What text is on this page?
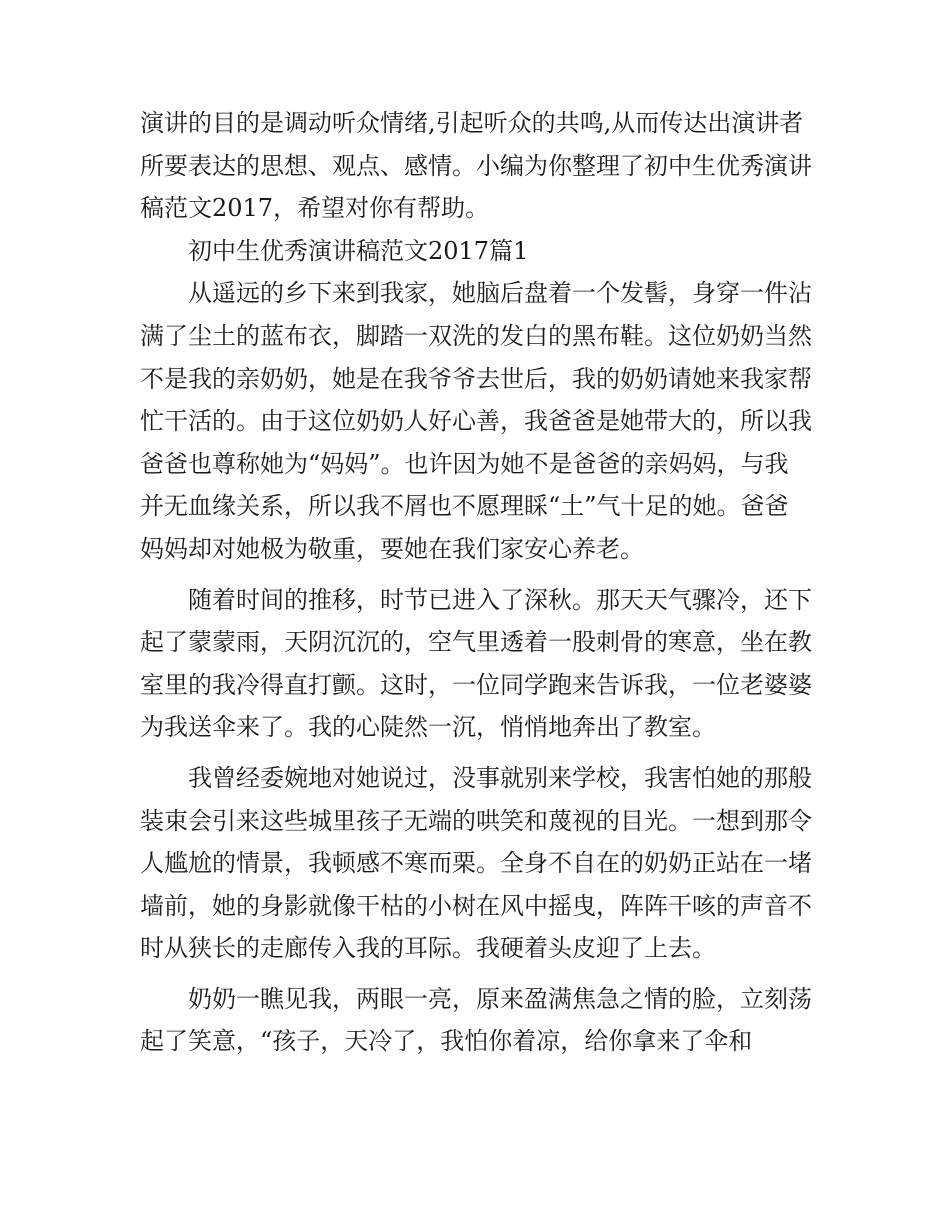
演讲的目的是调动听众情绪,引起听众的共鸣,从而传达出演讲者所要表达的思想、观点、感情。小编为你整理了初中生优秀演讲稿范文2017，希望对你有帮助。

初中生优秀演讲稿范文2017篇1

从遥远的乡下来到我家，她脑后盘着一个发髻，身穿一件沾满了尘土的蓝布衣，脚踏一双洗的发白的黑布鞋。这位奶奶当然不是我的亲奶奶，她是在我爷爷去世后，我的奶奶请她来我家帮忙干活的。由于这位奶奶人好心善，我爸爸是她带大的，所以我爸爸也尊称她为“妈妈”。也许因为她不是爸爸的亲妈妈，与我并无血缘关系，所以我不屑也不愿理睬“土”气十足的她。爸爸妈妈却对她极为敬重，要她在我们家安心养老。

随着时间的推移，时节已进入了深秋。那天天气骤冷，还下起了蒙蒙雨，天阴沉沉的，空气里透着一股刺骨的寒意，坐在教室里的我冷得直打颤。这时，一位同学跑来告诉我，一位老婆婆为我送伞来了。我的心陡然一沉，悄悄地奔出了教室。

我曾经委婉地对她说过，没事就别来学校，我害怕她的那般装束会引来这些城里孩子无端的哄笑和蔑视的目光。一想到那令人尴尬的情景，我顿感不寒而栗。全身不自在的奶奶正站在一堵墙前，她的身影就像干枯的小树在风中摇曳，阵阵干咳的声音不时从狭长的走廊传入我的耳际。我硬着头皮迎了上去。

奶奶一瞧见我，两眼一亮，原来盈满焦急之情的脸，立刻荡起了笑意，“孩子，天冷了，我怕你着凉，给你拿来了伞和
